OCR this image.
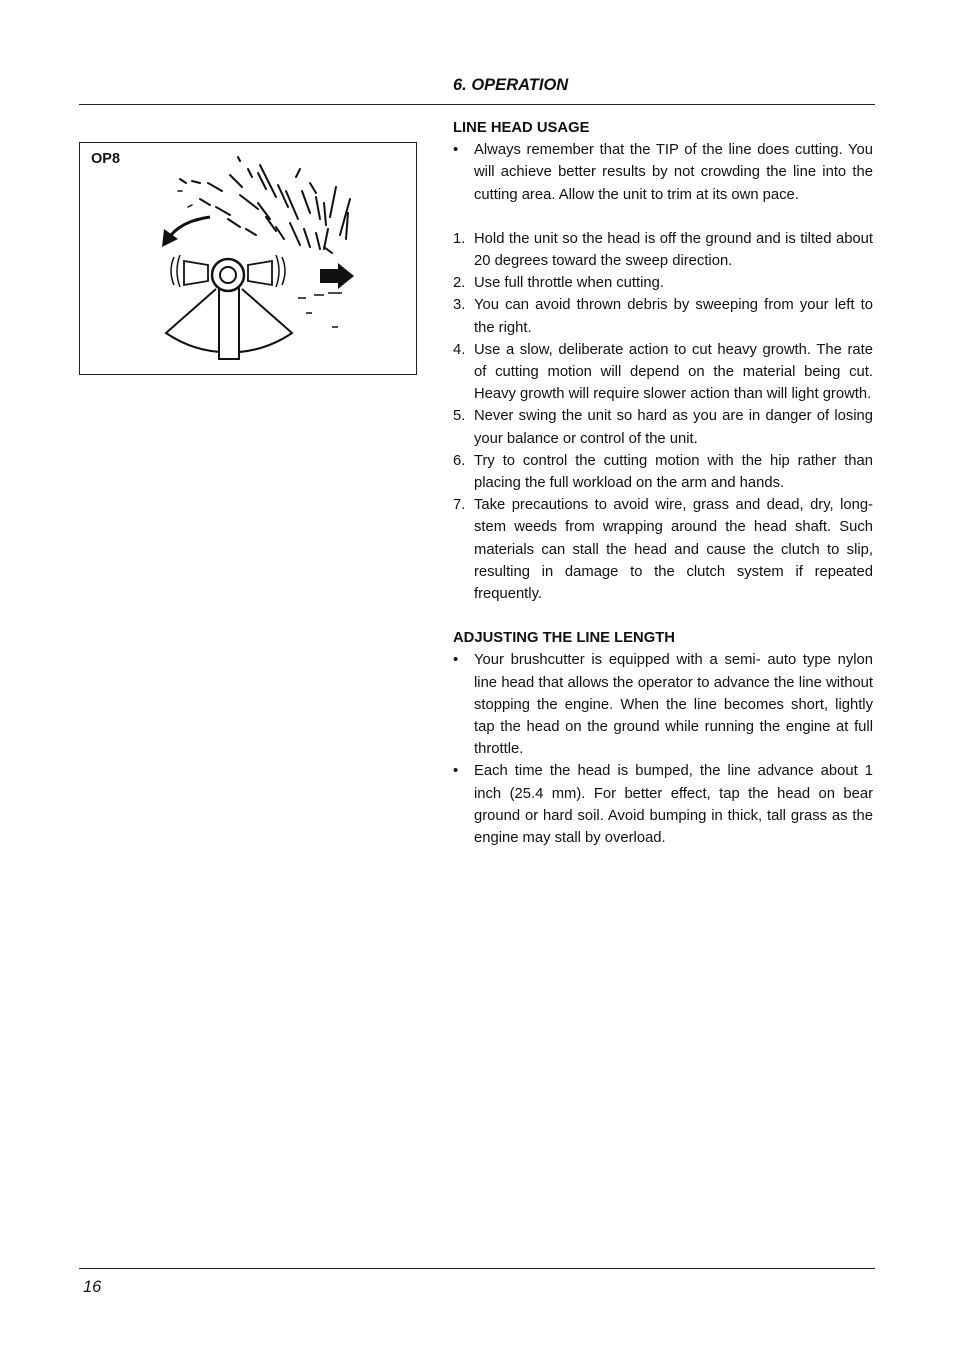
6. OPERATION
OP8
LINE HEAD USAGE
• Always remember that the TIP of the line does cutting. You will achieve better results by not crowding the line into the cutting area. Allow the unit to trim at its own pace.
1. Hold the unit so the head is off the ground and is tilted about 20 degrees toward the sweep direction.
2. Use full throttle when cutting.
3. You can avoid thrown debris by sweeping from your left to the right.
4. Use a slow, deliberate action to cut heavy growth. The rate of cutting motion will depend on the material being cut. Heavy growth will require slower action than will light growth.
5. Never swing the unit so hard as you are in danger of losing your balance or control of the unit.
6. Try to control the cutting motion with the hip rather than placing the full workload on the arm and hands.
7. Take precautions to avoid wire, grass and dead, dry, long-stem weeds from wrapping around the head shaft. Such materials can stall the head and cause the clutch to slip, resulting in damage to the clutch system if repeated frequently.
ADJUSTING THE LINE LENGTH
• Your brushcutter is equipped with a semi- auto type nylon line head that allows the operator to advance the line without stopping the engine. When the line becomes short, lightly tap the head on the ground while running the engine at full throttle.
• Each time the head is bumped, the line advance about 1 inch (25.4 mm). For better effect, tap the head on bear ground or hard soil. Avoid bumping in thick, tall grass as the engine may stall by overload.
16
